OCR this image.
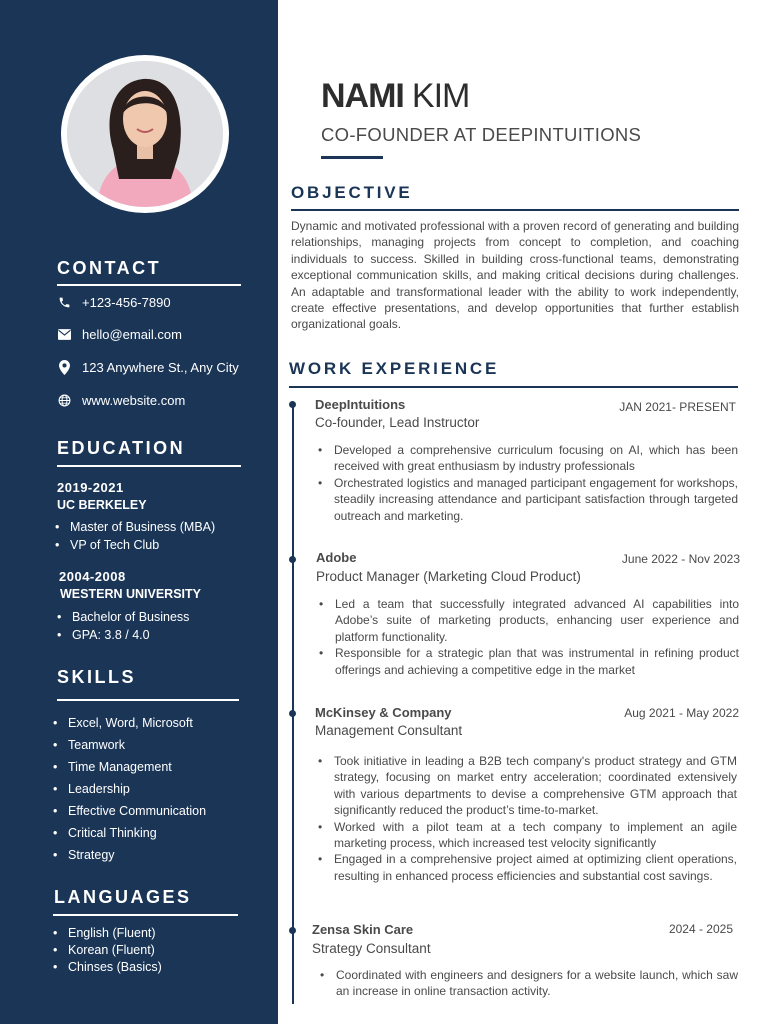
CONTACT
+123-456-7890
hello@email.com
123 Anywhere St., Any City
www.website.com
EDUCATION
2019-2021
UC BERKELEY
• Master of Business (MBA)
• VP of Tech Club
2004-2008
WESTERN UNIVERSITY
• Bachelor of Business
• GPA: 3.8 / 4.0
SKILLS
• Excel, Word, Microsoft
• Teamwork
• Time Management
• Leadership
• Effective Communication
• Critical Thinking
• Strategy
LANGUAGES
• English (Fluent)
• Korean (Fluent)
• Chinses (Basics)
NAMI KIM
CO-FOUNDER AT DEEPINTUITIONS
OBJECTIVE

Dynamic and motivated professional with a proven record of generating and building relationships, managing projects from concept to completion, and coaching individuals to success. Skilled in building cross-functional teams, demonstrating exceptional communication skills, and making critical decisions during challenges. An adaptable and transformational leader with the ability to work independently, create effective presentations, and develop opportunities that further establish organizational goals.

WORK EXPERIENCE
DeepIntuitions	JAN 2021- PRESENT
Co-founder, Lead Instructor
• Developed a comprehensive curriculum focusing on AI, which has been received with great enthusiasm by industry professionals
• Orchestrated logistics and managed participant engagement for workshops, steadily increasing attendance and participant satisfaction through targeted outreach and marketing.
Adobe	June 2022 - Nov 2023
Product Manager (Marketing Cloud Product)
• Led a team that successfully integrated advanced AI capabilities into Adobe’s suite of marketing products, enhancing user experience and platform functionality.
• Responsible for a strategic plan that was instrumental in refining product offerings and achieving a competitive edge in the market
McKinsey & Company	Aug 2021 - May 2022
Management Consultant
• Took initiative in leading a B2B tech company's product strategy and GTM strategy, focusing on market entry acceleration; coordinated extensively with various departments to devise a comprehensive GTM approach that significantly reduced the product’s time-to-market.
• Worked with a pilot team at a tech company to implement an agile marketing process, which increased test velocity significantly
• Engaged in a comprehensive project aimed at optimizing client operations, resulting in enhanced process efficiencies and substantial cost savings.
Zensa Skin Care	2024 - 2025
Strategy Consultant
• Coordinated with engineers and designers for a website launch, which saw an increase in online transaction activity.
